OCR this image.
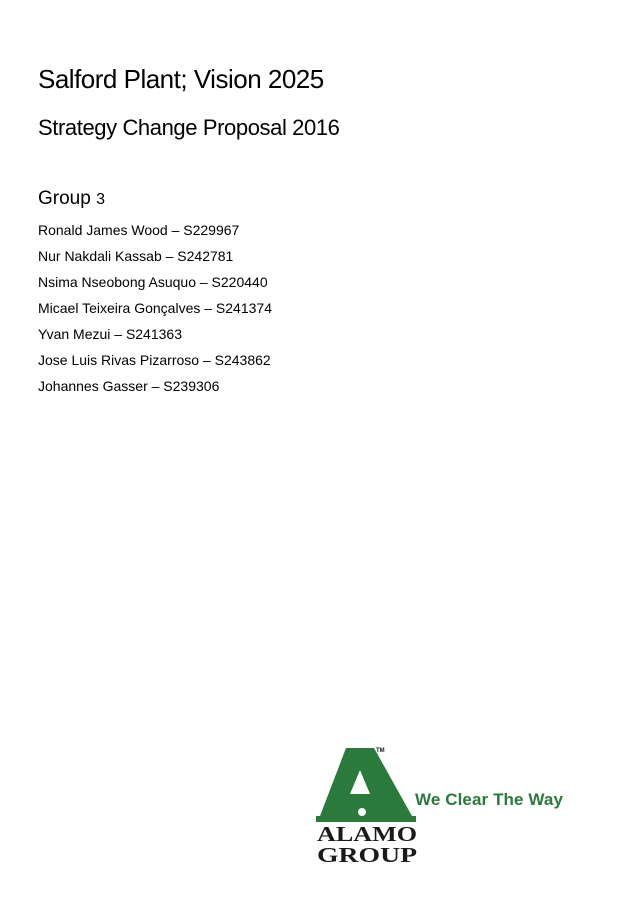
Salford Plant; Vision 2025
Strategy Change Proposal 2016
Group 3
Ronald James Wood – S229967
Nur Nakdali Kassab – S242781
Nsima Nseobong Asuquo – S220440
Micael Teixeira Gonçalves – S241374
Yvan Mezui – S241363
Jose Luis Rivas Pizarroso – S243862
Johannes Gasser – S239306
TM
ALAMO
GROUP
We Clear The Way
